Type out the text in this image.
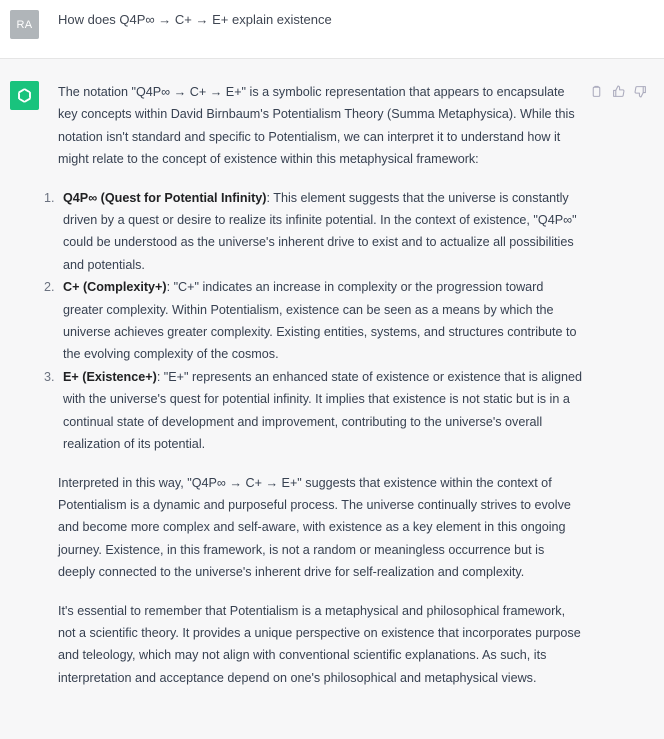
RA	How does Q4P∞ → C+ → E+ explain existence

The notation "Q4P∞ → C+ → E+" is a symbolic representation that appears to encapsulate key concepts within David Birnbaum's Potentialism Theory (Summa Metaphysica). While this notation isn't standard and specific to Potentialism, we can interpret it to understand how it might relate to the concept of existence within this metaphysical framework:

1. Q4P∞ (Quest for Potential Infinity): This element suggests that the universe is constantly driven by a quest or desire to realize its infinite potential. In the context of existence, "Q4P∞" could be understood as the universe's inherent drive to exist and to actualize all possibilities and potentials.
2. C+ (Complexity+): "C+" indicates an increase in complexity or the progression toward greater complexity. Within Potentialism, existence can be seen as a means by which the universe achieves greater complexity. Existing entities, systems, and structures contribute to the evolving complexity of the cosmos.
3. E+ (Existence+): "E+" represents an enhanced state of existence or existence that is aligned with the universe's quest for potential infinity. It implies that existence is not static but is in a continual state of development and improvement, contributing to the universe's overall realization of its potential.

Interpreted in this way, "Q4P∞ → C+ → E+" suggests that existence within the context of Potentialism is a dynamic and purposeful process. The universe continually strives to evolve and become more complex and self-aware, with existence as a key element in this ongoing journey. Existence, in this framework, is not a random or meaningless occurrence but is deeply connected to the universe's inherent drive for self-realization and complexity.

It's essential to remember that Potentialism is a metaphysical and philosophical framework, not a scientific theory. It provides a unique perspective on existence that incorporates purpose and teleology, which may not align with conventional scientific explanations. As such, its interpretation and acceptance depend on one's philosophical and metaphysical views.
